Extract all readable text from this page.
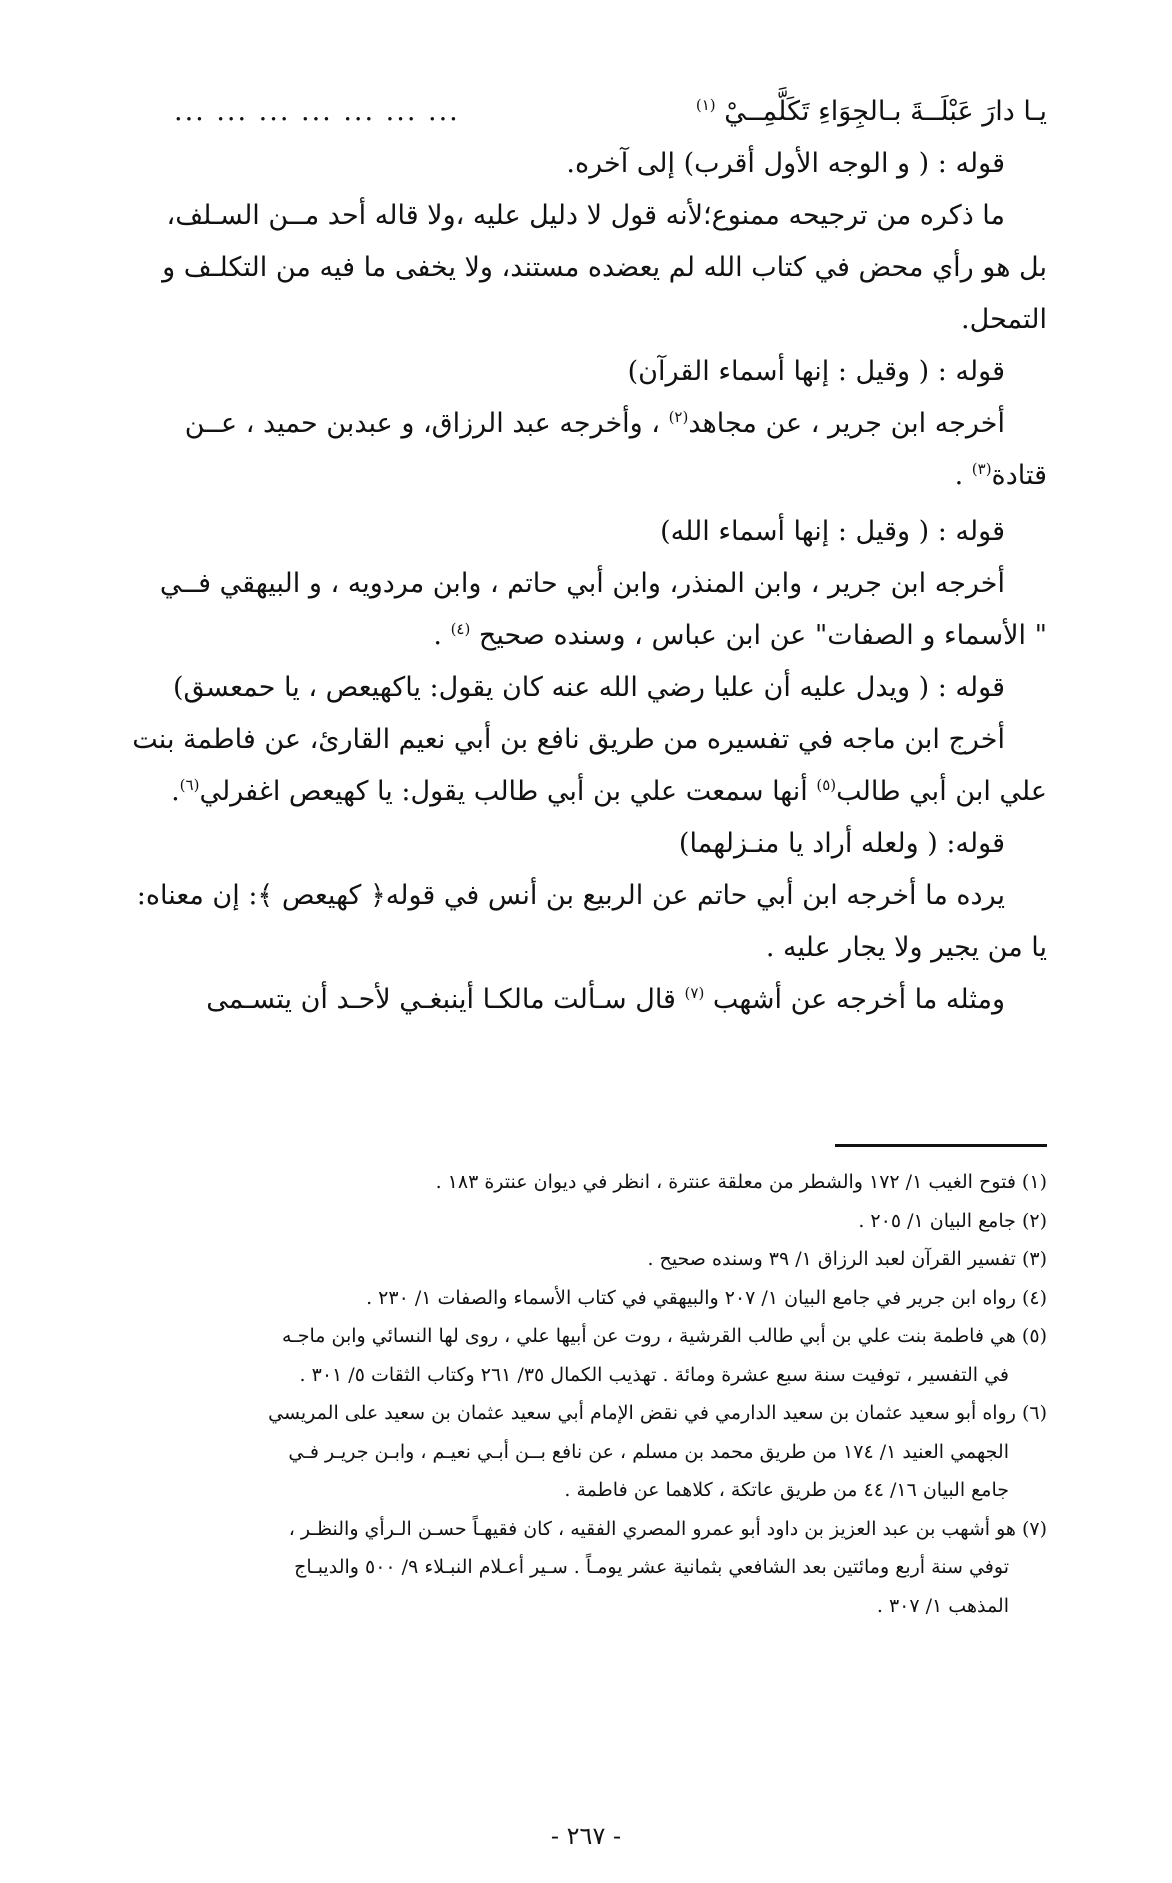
يـا دارَ عَبْلَــةَ بـالجِوَاءِ تَكَلَّمِــيْ $^{(١)}$
... ... ... ... ... ... ...

قوله : ( و الوجه الأول أقرب) إلى آخره.

ما ذكره من ترجيحه ممنوع؛لأنه قول لا دليل عليه ،ولا قاله أحد مــن السـلف،

بل هو رأي محض في كتاب الله لم يعضده مستند، ولا يخفى ما فيه من التكلـف و

التمحل.

قوله : ( وقيل : إنها أسماء القرآن)

أخرجه ابن جرير ، عن مجاهد$^{(٢)}$ ، وأخرجه عبد الرزاق، و عبدبن حميد ، عــن

قتادة$^{(٣)}$ .

قوله : ( وقيل : إنها أسماء الله)

أخرجه ابن جرير ، وابن المنذر، وابن أبي حاتم ، وابن مردويه ، و البيهقي فــي

" الأسماء و الصفات" عن ابن عباس ، وسنده صحيح $^{(٤)}$ .

قوله : ( ويدل عليه أن عليا رضي الله عنه كان يقول: ياكهيعص ، يا حمعسق)

أخرج ابن ماجه في تفسيره من طريق نافع بن أبي نعيم القارئ، عن فاطمة بنت

علي ابن أبي طالب$^{(٥)}$ أنها سمعت علي بن أبي طالب يقول: يا كهيعص اغفرلي$^{(٦)}$.

قوله: ( ولعله أراد يا منـزلهما)

يرده ما أخرجه ابن أبي حاتم عن الربيع بن أنس في قوله﴿ كهيعص ﴾: إن معناه:

يا من يجير ولا يجار عليه .

ومثله ما أخرجه عن أشهب $^{(٧)}$ قال سـألت مالكـا أينبغـي لأحـد أن يتسـمى

(١) فتوح الغيب ١/ ١٧٢ والشطر من معلقة عنترة ، انظر في ديوان عنترة ١٨٣ .

(٢) جامع البيان ١/ ٢٠٥ .

(٣) تفسير القرآن لعبد الرزاق ١/ ٣٩ وسنده صحيح .

(٤) رواه ابن جرير في جامع البيان ١/ ٢٠٧ والبيهقي في كتاب الأسماء والصفات ١/ ٢٣٠ .

(٥) هي فاطمة بنت علي بن أبي طالب القرشية ، روت عن أبيها علي ، روى لها النسائي وابن ماجـه

في التفسير ، توفيت سنة سبع عشرة ومائة . تهذيب الكمال ٣٥/ ٢٦١ وكتاب الثقات ٥/ ٣٠١ .

(٦) رواه أبو سعيد عثمان بن سعيد الدارمي في نقض الإمام أبي سعيد عثمان بن سعيد على المريسي

الجهمي العنيد ١/ ١٧٤ من طريق محمد بن مسلم ، عن نافع بــن أبـي نعيـم ، وابـن جريـر فـي

جامع البيان ١٦/ ٤٤ من طريق عاتكة ، كلاهما عن فاطمة .

(٧) هو أشهب بن عبد العزيز بن داود أبو عمرو المصري الفقيه ، كان فقيهـاً حسـن الـرأي والنظـر ،

توفي سنة أربع ومائتين بعد الشافعي بثمانية عشر يومـاً . سـير أعـلام النبـلاء ٩/ ٥٠٠ والديبـاج

المذهب ١/ ٣٠٧ .

- ٢٦٧ -
